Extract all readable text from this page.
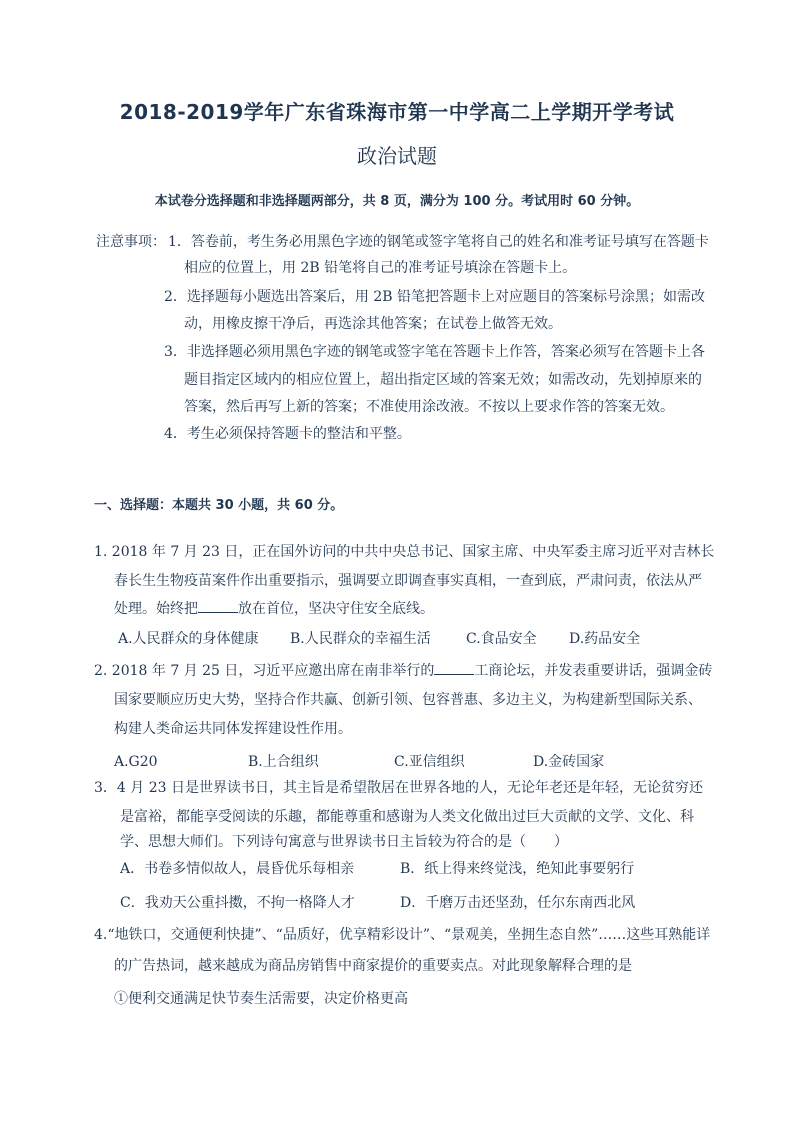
2018-2019学年广东省珠海市第一中学高二上学期开学考试
政治试题
本试卷分选择题和非选择题两部分，共 8 页，满分为 100 分。考试用时 60 分钟。
注意事项： 1．答卷前，考生务必用黑色字迹的钢笔或签字笔将自己的姓名和准考证号填写在答题卡
相应的位置上，用 2B 铅笔将自己的准考证号填涂在答题卡上。
2．选择题每小题选出答案后，用 2B 铅笔把答题卡上对应题目的答案标号涂黑；如需改
动，用橡皮擦干净后，再选涂其他答案；在试卷上做答无效。
3．非选择题必须用黑色字迹的钢笔或签字笔在答题卡上作答，答案必须写在答题卡上各
题目指定区域内的相应位置上，超出指定区域的答案无效；如需改动，先划掉原来的
答案，然后再写上新的答案；不准使用涂改液。不按以上要求作答的答案无效。
4．考生必须保持答题卡的整洁和平整。
一、选择题：本题共 30 小题，共 60 分。
1. 2018 年 7 月 23 日，正在国外访问的中共中央总书记、国家主席、中央军委主席习近平对吉林长
春长生生物疫苗案件作出重要指示，强调要立即调查事实真相，一查到底，严肃问责，依法从严
处理。始终把	放在首位，坚决守住安全底线。
A.人民群众的身体健康 B.人民群众的幸福生活	C.食品安全 D.药品安全
2. 2018 年 7 月 25 日，习近平应邀出席在南非举行的	工商论坛，并发表重要讲话，强调金砖
国家要顺应历史大势，坚持合作共赢、创新引领、包容普惠、多边主义，为构建新型国际关系、
构建人类命运共同体发挥建设性作用。
A.G20	B.上合组织	C.亚信组织	D.金砖国家
3．4 月 23 日是世界读书日，其主旨是希望散居在世界各地的人，无论年老还是年轻，无论贫穷还
是富裕，都能享受阅读的乐趣，都能尊重和感谢为人类文化做出过巨大贡献的文学、文化、科
学、思想大师们。下列诗句寓意与世界读书日主旨较为符合的是（　　）
A．书卷多情似故人，晨昏优乐每相亲	B．纸上得来终觉浅，绝知此事要躬行
C．我劝天公重抖擞，不拘一格降人才	D．千磨万击还坚劲，任尔东南西北风
4.“地铁口，交通便利快捷”、“品质好，优享精彩设计”、“景观美，坐拥生态自然”……这些耳熟能详
的广告热词，越来越成为商品房销售中商家提价的重要卖点。对此现象解释合理的是
①便利交通满足快节奏生活需要，决定价格更高
